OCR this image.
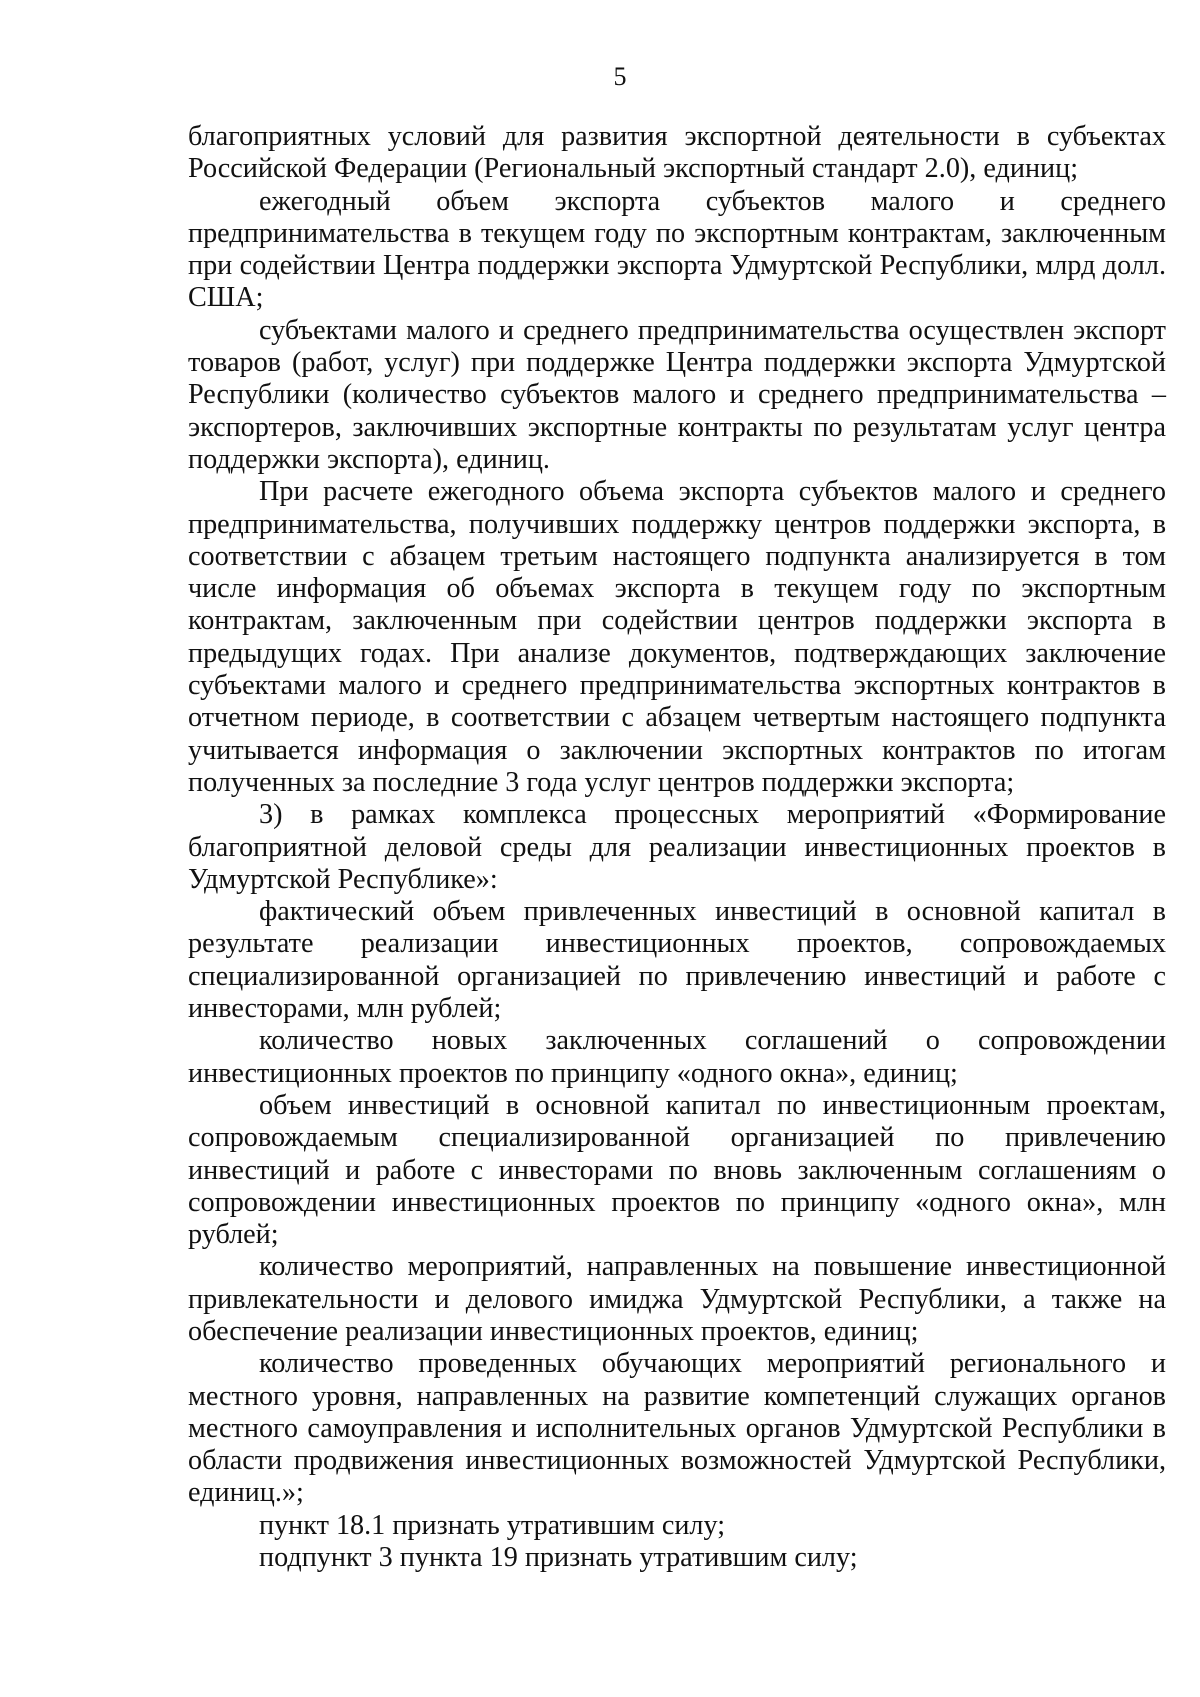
5

благоприятных условий для развития экспортной деятельности в субъектах Российской Федерации (Региональный экспортный стандарт 2.0), единиц;

ежегодный объем экспорта субъектов малого и среднего предпринимательства в текущем году по экспортным контрактам, заключенным при содействии Центра поддержки экспорта Удмуртской Республики, млрд долл. США;

субъектами малого и среднего предпринимательства осуществлен экспорт товаров (работ, услуг) при поддержке Центра поддержки экспорта Удмуртской Республики (количество субъектов малого и среднего предпринимательства – экспортеров, заключивших экспортные контракты по результатам услуг центра поддержки экспорта), единиц.

При расчете ежегодного объема экспорта субъектов малого и среднего предпринимательства, получивших поддержку центров поддержки экспорта, в соответствии с абзацем третьим настоящего подпункта анализируется в том числе информация об объемах экспорта в текущем году по экспортным контрактам, заключенным при содействии центров поддержки экспорта в предыдущих годах. При анализе документов, подтверждающих заключение субъектами малого и среднего предпринимательства экспортных контрактов в отчетном периоде, в соответствии с абзацем четвертым настоящего подпункта учитывается информация о заключении экспортных контрактов по итогам полученных за последние 3 года услуг центров поддержки экспорта;

3) в рамках комплекса процессных мероприятий «Формирование благоприятной деловой среды для реализации инвестиционных проектов в Удмуртской Республике»:

фактический объем привлеченных инвестиций в основной капитал в результате реализации инвестиционных проектов, сопровождаемых специализированной организацией по привлечению инвестиций и работе с инвесторами, млн рублей;

количество новых заключенных соглашений о сопровождении инвестиционных проектов по принципу «одного окна», единиц;

объем инвестиций в основной капитал по инвестиционным проектам, сопровождаемым специализированной организацией по привлечению инвестиций и работе с инвесторами по вновь заключенным соглашениям о сопровождении инвестиционных проектов по принципу «одного окна», млн рублей;

количество мероприятий, направленных на повышение инвестиционной привлекательности и делового имиджа Удмуртской Республики, а также на обеспечение реализации инвестиционных проектов, единиц;

количество проведенных обучающих мероприятий регионального и местного уровня, направленных на развитие компетенций служащих органов местного самоуправления и исполнительных органов Удмуртской Республики в области продвижения инвестиционных возможностей Удмуртской Республики, единиц.»;

пункт 18.1 признать утратившим силу;

подпункт 3 пункта 19 признать утратившим силу;
